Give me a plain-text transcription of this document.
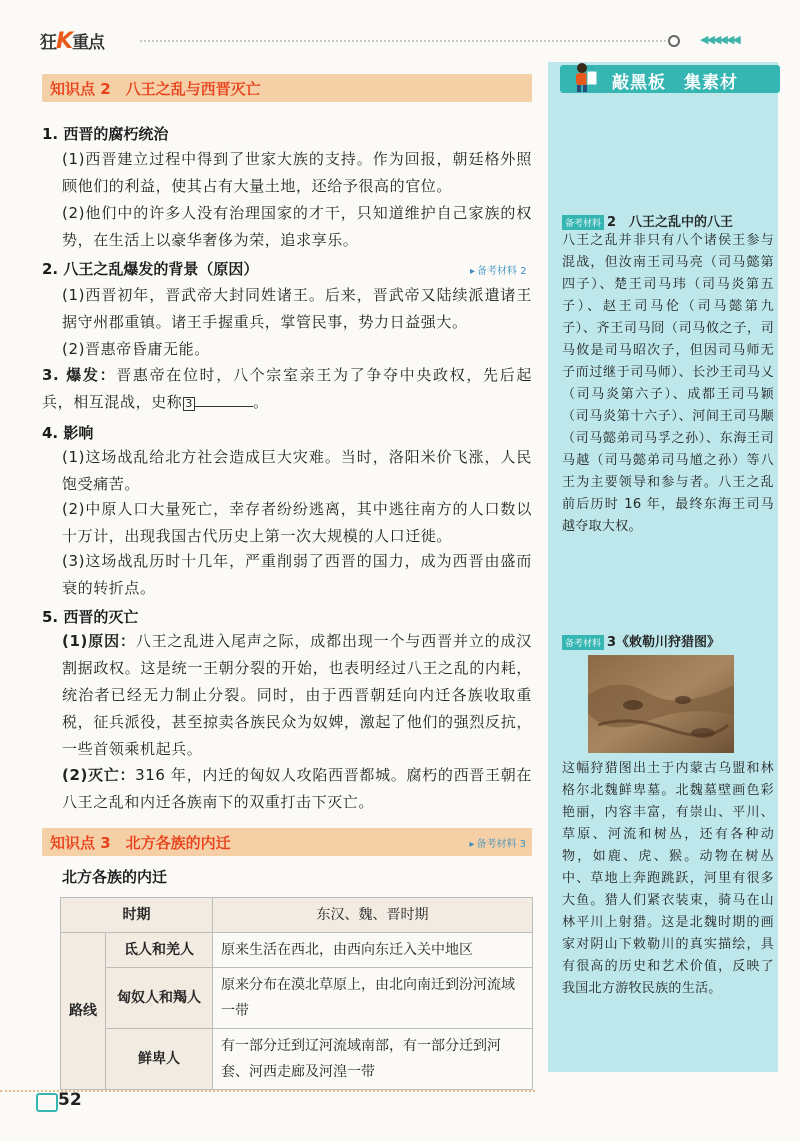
狂K重点	◀◀◀◀◀◀
知识点 2　八王之乱与西晋灭亡
1. 西晋的腐朽统治
(1)西晋建立过程中得到了世家大族的支持。作为回报，朝廷格外照顾他们的利益，使其占有大量土地，还给予很高的官位。
(2)他们中的许多人没有治理国家的才干，只知道维护自己家族的权势，在生活上以豪华奢侈为荣，追求享乐。
2. 八王之乱爆发的背景（原因）	▸ 备考材料 2
(1)西晋初年，晋武帝大封同姓诸王。后来，晋武帝又陆续派遣诸王据守州郡重镇。诸王手握重兵，掌管民事，势力日益强大。
(2)晋惠帝昏庸无能。
3. 爆发：晋惠帝在位时，八个宗室亲王为了争夺中央政权，先后起兵，相互混战，史称 3	。
4. 影响
(1)这场战乱给北方社会造成巨大灾难。当时，洛阳米价飞涨，人民饱受痛苦。
(2)中原人口大量死亡，幸存者纷纷逃离，其中逃往南方的人口数以十万计，出现我国古代历史上第一次大规模的人口迁徙。
(3)这场战乱历时十几年，严重削弱了西晋的国力，成为西晋由盛而衰的转折点。
5. 西晋的灭亡
(1)原因：八王之乱进入尾声之际，成都出现一个与西晋并立的成汉割据政权。这是统一王朝分裂的开始，也表明经过八王之乱的内耗，统治者已经无力制止分裂。同时，由于西晋朝廷向内迁各族收取重税，征兵派役，甚至掠卖各族民众为奴婢，激起了他们的强烈反抗，一些首领乘机起兵。
(2)灭亡：316 年，内迁的匈奴人攻陷西晋都城。腐朽的西晋王朝在八王之乱和内迁各族南下的双重打击下灭亡。
知识点 3　北方各族的内迁	▸ 备考材料 3
北方各族的内迁
时期		东汉、魏、晋时期
路线	氐人和羌人	原来生活在西北，由西向东迁入关中地区
	匈奴人和羯人	原来分布在漠北草原上，由北向南迁到汾河流域一带
	鲜卑人	有一部分迁到辽河流域南部，有一部分迁到河套、河西走廊及河湟一带
敲黑板　集素材
备考材料 2　八王之乱中的八王
八王之乱并非只有八个诸侯王参与混战，但汝南王司马亮（司马懿第四子）、楚王司马玮（司马炎第五子）、赵王司马伦（司马懿第九子）、齐王司马冏（司马攸之子，司马攸是司马昭次子，但因司马师无子而过继于司马师）、长沙王司马乂（司马炎第六子）、成都王司马颖（司马炎第十六子）、河间王司马颙（司马懿弟司马孚之孙）、东海王司马越（司马懿弟司马馗之孙）等八王为主要领导和参与者。八王之乱前后历时 16 年，最终东海王司马越夺取大权。
备考材料 3《敕勒川狩猎图》
这幅狩猎图出土于内蒙古乌盟和林格尔北魏鲜卑墓。北魏墓壁画色彩艳丽，内容丰富，有崇山、平川、草原、河流和树丛，还有各种动物，如鹿、虎、猴。动物在树丛中、草地上奔跑跳跃，河里有很多大鱼。猎人们紧衣装束，骑马在山林平川上射猎。这是北魏时期的画家对阴山下敕勒川的真实描绘，具有很高的历史和艺术价值，反映了我国北方游牧民族的生活。
52
